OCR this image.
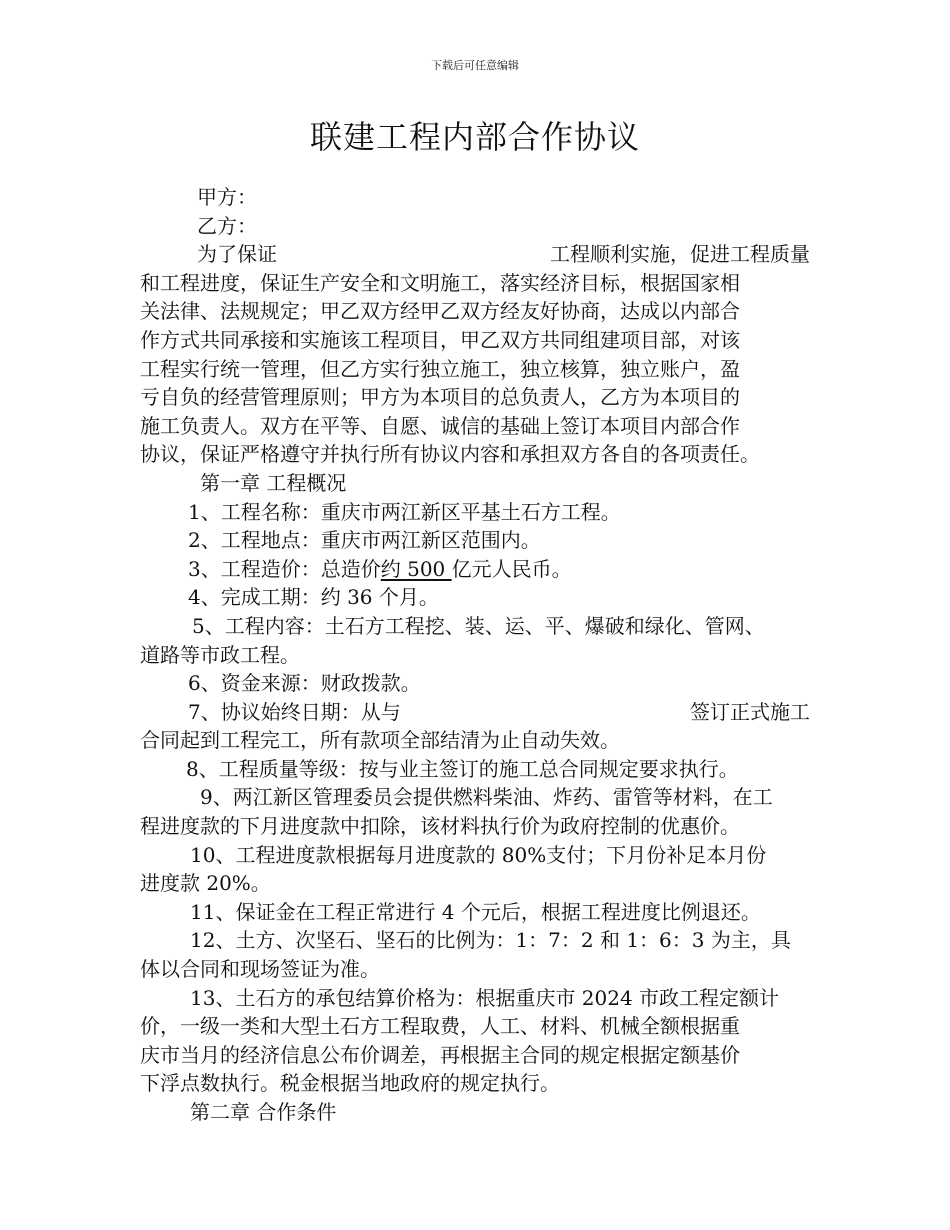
下载后可任意编辑
联建工程内部合作协议
甲方：
乙方：
为了保证	工程顺利实施，促进工程质量
和工程进度，保证生产安全和文明施工，落实经济目标，根据国家相
关法律、法规规定；甲乙双方经甲乙双方经友好协商，达成以内部合
作方式共同承接和实施该工程项目，甲乙双方共同组建项目部，对该
工程实行统一管理，但乙方实行独立施工，独立核算，独立账户，盈
亏自负的经营管理原则；甲方为本项目的总负责人，乙方为本项目的
施工负责人。双方在平等、自愿、诚信的基础上签订本项目内部合作
协议，保证严格遵守并执行所有协议内容和承担双方各自的各项责任。
第一章 工程概况
1、工程名称：重庆市两江新区平基土石方工程。
2、工程地点：重庆市两江新区范围内。
3、工程造价：总造价约 500 亿元人民币。
4、完成工期：约 36 个月。
5、工程内容：土石方工程挖、装、运、平、爆破和绿化、管网、
道路等市政工程。
6、资金来源：财政拨款。
7、协议始终日期：从与	签订正式施工
合同起到工程完工，所有款项全部结清为止自动失效。
8、工程质量等级：按与业主签订的施工总合同规定要求执行。
9、两江新区管理委员会提供燃料柴油、炸药、雷管等材料，在工
程进度款的下月进度款中扣除，该材料执行价为政府控制的优惠价。
10、工程进度款根据每月进度款的 80%支付；下月份补足本月份
进度款 20%。
11、保证金在工程正常进行 4 个元后，根据工程进度比例退还。
12、土方、次坚石、坚石的比例为：1：7：2 和 1：6：3 为主，具
体以合同和现场签证为准。
13、土石方的承包结算价格为：根据重庆市 2024 市政工程定额计
价，一级一类和大型土石方工程取费，人工、材料、机械全额根据重
庆市当月的经济信息公布价调差，再根据主合同的规定根据定额基价
下浮点数执行。税金根据当地政府的规定执行。
第二章 合作条件
